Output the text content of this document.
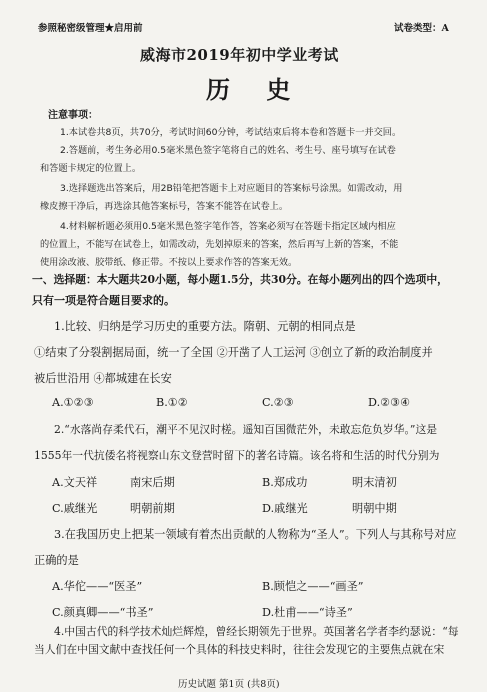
参照秘密级管理★启用前	试卷类型：A
威海市2019年初中学业考试
历 史
注意事项：
1.本试卷共8页，共70分，考试时间60分钟，考试结束后将本卷和答题卡一并交回。
2.答题前，考生务必用0.5毫米黑色签字笔将自己的姓名、考生号、座号填写在试卷
和答题卡规定的位置上。
3.选择题选出答案后，用2B铅笔把答题卡上对应题目的答案标号涂黑。如需改动，用
橡皮擦干净后，再选涂其他答案标号，答案不能答在试卷上。
4.材料解析题必须用0.5毫米黑色签字笔作答，答案必须写在答题卡指定区域内相应
的位置上，不能写在试卷上，如需改动，先划掉原来的答案，然后再写上新的答案，不能
使用涂改液、胶带纸、修正带。不按以上要求作答的答案无效。
一、选择题：本大题共20小题，每小题1.5分，共30分。在每小题列出的四个选项中，
只有一项是符合题目要求的。
1.比较、归纳是学习历史的重要方法。隋朝、元朝的相同点是
①结束了分裂割据局面，统一了全国 ②开凿了人工运河 ③创立了新的政治制度并
被后世沿用 ④都城建在长安
A.①②③	B.①②	C.②③	D.②③④
2.“水落尚存柔代石，潮平不见汉时槎。遥知百国微茫外，未敢忘危负岁华。”这是
1555年一代抗倭名将视察山东文登营时留下的著名诗篇。该名将和生活的时代分别为
A.文天祥	南宋后期	B.郑成功	明末清初
C.戚继光	明朝前期	D.戚继光	明朝中期
3.在我国历史上把某一领域有着杰出贡献的人物称为“圣人”。下列人与其称号对应
正确的是
A.华佗——“医圣”	B.顾恺之——“画圣”
C.颜真卿——“书圣”	D.杜甫——“诗圣”
4.中国古代的科学技术灿烂辉煌，曾经长期领先于世界。英国著名学者李约瑟说：“每
当人们在中国文献中查找任何一个具体的科技史料时，往往会发现它的主要焦点就在宋
历史试题 第1页 (共8页)
